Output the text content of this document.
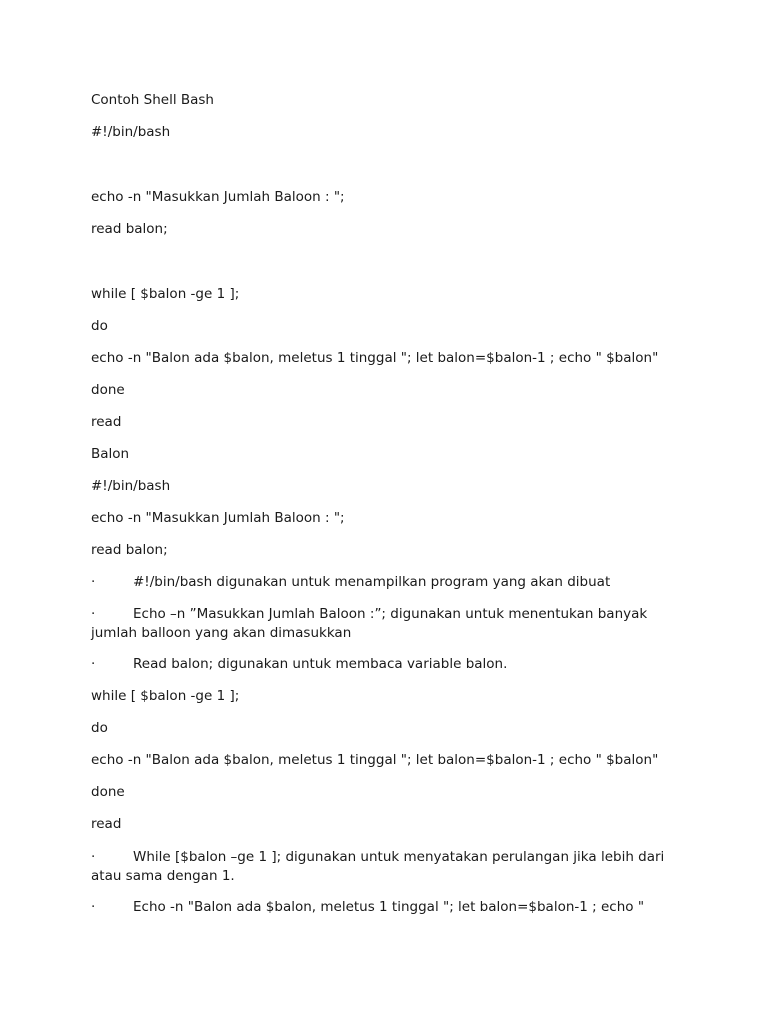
Contoh Shell Bash
#!/bin/bash
echo -n "Masukkan Jumlah Baloon : ";
read balon;
while [ $balon -ge 1 ];
do
echo -n "Balon ada $balon, meletus 1 tinggal "; let balon=$balon-1 ; echo " $balon"
done
read
Balon
#!/bin/bash
echo -n "Masukkan Jumlah Baloon : ";
read balon;
·	#!/bin/bash digunakan untuk menampilkan program yang akan dibuat
·	Echo –n ”Masukkan Jumlah Baloon :”; digunakan untuk menentukan banyak jumlah balloon yang akan dimasukkan
·	Read balon; digunakan untuk membaca variable balon.
while [ $balon -ge 1 ];
do
echo -n "Balon ada $balon, meletus 1 tinggal "; let balon=$balon-1 ; echo " $balon"
done
read
·	While [$balon –ge 1 ]; digunakan untuk menyatakan perulangan jika lebih dari atau sama dengan 1.
·	Echo -n "Balon ada $balon, meletus 1 tinggal "; let balon=$balon-1 ; echo "
